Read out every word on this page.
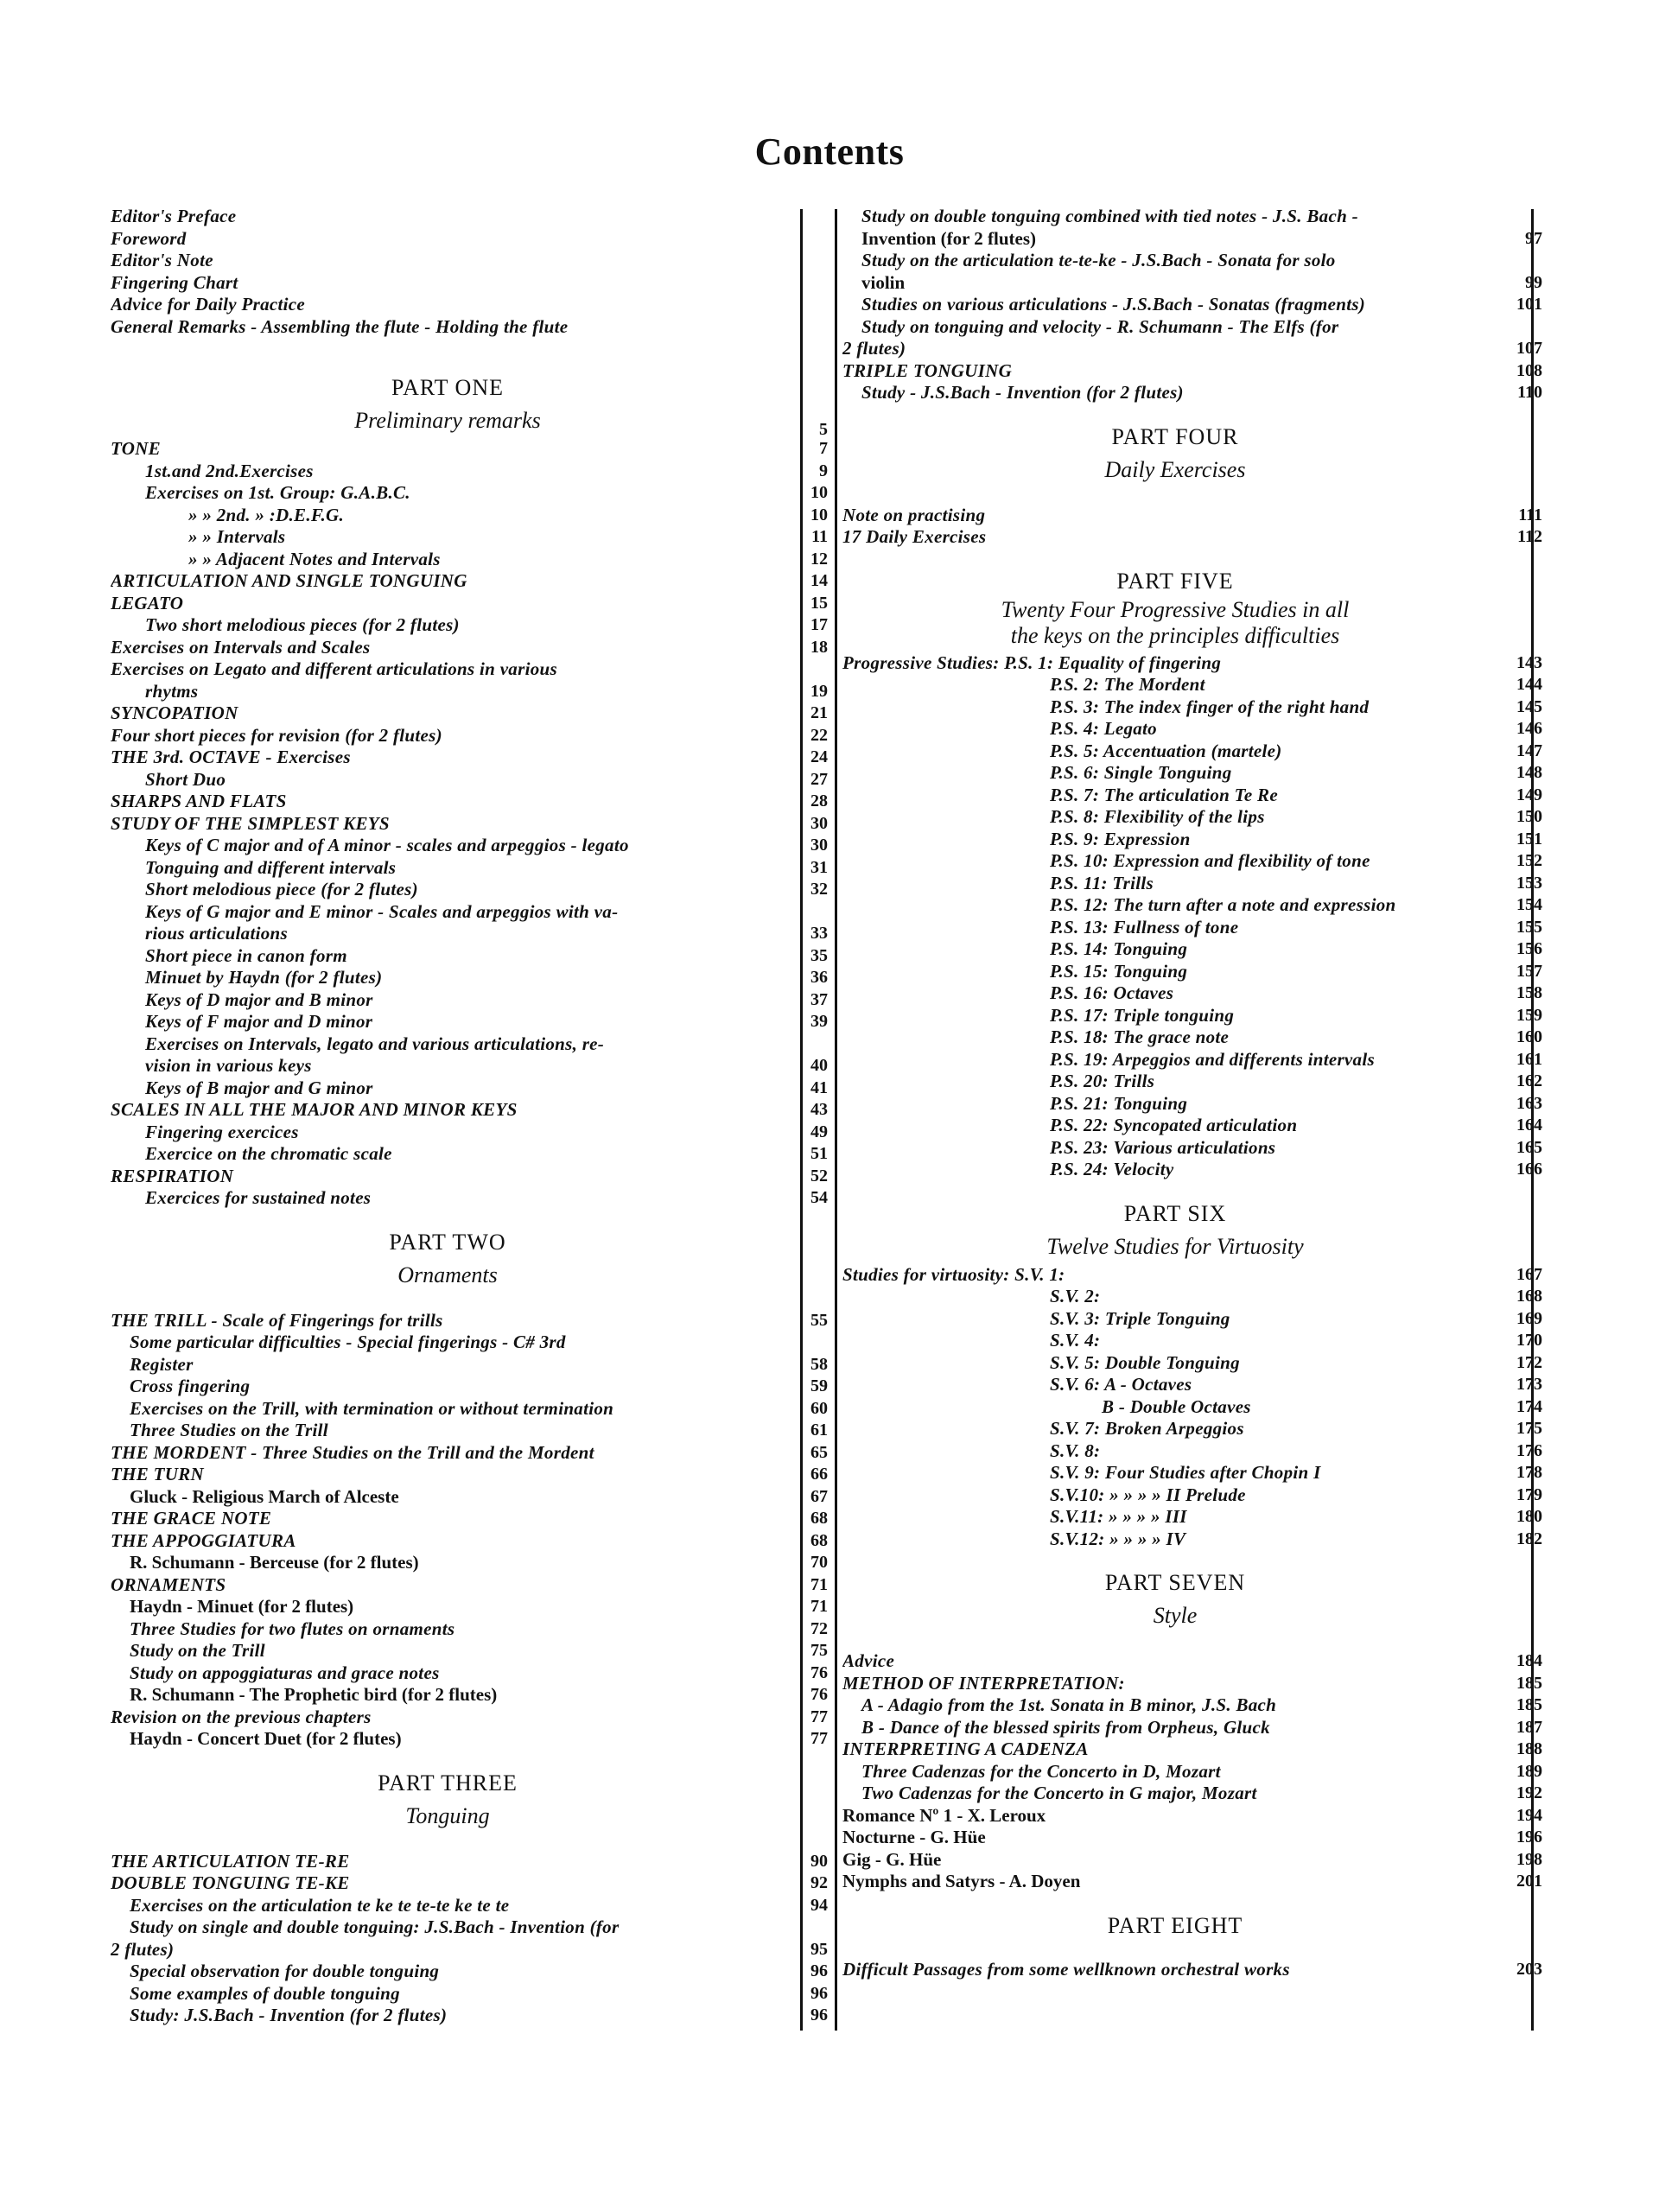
Contents
Editor's Preface
Foreword
Editor's Note
Fingering Chart
Advice for Daily Practice
General Remarks - Assembling the flute - Holding the flute
PART ONE
Preliminary remarks	5
TONE	7
1st.and 2nd.Exercises	9
Exercises on 1st. Group: G.A.B.C.	10
» » 2nd. » :D.E.F.G.	10
» » Intervals	11
» » Adjacent Notes and Intervals	12
ARTICULATION AND SINGLE TONGUING	14
LEGATO	15
Two short melodious pieces (for 2 flutes)	17
Exercises on Intervals and Scales	18
Exercises on Legato and different articulations in various
rhytms	19
SYNCOPATION	21
Four short pieces for revision (for 2 flutes)	22
THE 3rd. OCTAVE - Exercises	24
Short Duo	27
SHARPS AND FLATS	28
STUDY OF THE SIMPLEST KEYS	30
Keys of C major and of A minor - scales and arpeggios - legato	30
Tonguing and different intervals	31
Short melodious piece (for 2 flutes)	32
Keys of G major and E minor - Scales and arpeggios with va-
rious articulations	33
Short piece in canon form	35
Minuet by Haydn (for 2 flutes)	36
Keys of D major and B minor	37
Keys of F major and D minor	39
Exercises on Intervals, legato and various articulations, re-
vision in various keys	40
Keys of B major and G minor	41
SCALES IN ALL THE MAJOR AND MINOR KEYS	43
Fingering exercices	49
Exercice on the chromatic scale	51
RESPIRATION	52
Exercices for sustained notes	54
PART TWO
Ornaments
THE TRILL - Scale of Fingerings for trills	55
Some particular difficulties - Special fingerings - C# 3rd
Register	58
Cross fingering	59
Exercises on the Trill, with termination or without termination	60
Three Studies on the Trill	61
THE MORDENT - Three Studies on the Trill and the Mordent	65
THE TURN	66
Gluck - Religious March of Alceste	67
THE GRACE NOTE	68
THE APPOGGIATURA	68
R. Schumann - Berceuse (for 2 flutes)	70
ORNAMENTS	71
Haydn - Minuet (for 2 flutes)	71
Three Studies for two flutes on ornaments	72
Study on the Trill	75
Study on appoggiaturas and grace notes	76
R. Schumann - The Prophetic bird (for 2 flutes)	76
Revision on the previous chapters	77
Haydn - Concert Duet (for 2 flutes)	77
PART THREE
Tonguing
THE ARTICULATION TE-RE	90
DOUBLE TONGUING TE-KE	92
Exercises on the articulation te ke te te-te ke te te	94
Study on single and double tonguing: J.S.Bach - Invention (for
2 flutes)	95
Special observation for double tonguing	96
Some examples of double tonguing	96
Study: J.S.Bach - Invention (for 2 flutes)	96
Study on double tonguing combined with tied notes - J.S. Bach -
Invention (for 2 flutes)	97
Study on the articulation te-te-ke - J.S.Bach - Sonata for solo
violin	99
Studies on various articulations - J.S.Bach - Sonatas (fragments)	101
Study on tonguing and velocity - R. Schumann - The Elfs (for
2 flutes)	107
TRIPLE TONGUING	108
Study - J.S.Bach - Invention (for 2 flutes)	110
PART FOUR
Daily Exercises
Note on practising	111
17 Daily Exercises	112
PART FIVE
Twenty Four Progressive Studies in all
the keys on the principles difficulties
Progressive Studies: P.S. 1: Equality of fingering	143
P.S. 2: The Mordent	144
P.S. 3: The index finger of the right hand	145
P.S. 4: Legato	146
P.S. 5: Accentuation (martele)	147
P.S. 6: Single Tonguing	148
P.S. 7: The articulation Te Re	149
P.S. 8: Flexibility of the lips	150
P.S. 9: Expression	151
P.S. 10: Expression and flexibility of tone	152
P.S. 11: Trills	153
P.S. 12: The turn after a note and expression	154
P.S. 13: Fullness of tone	155
P.S. 14: Tonguing	156
P.S. 15: Tonguing	157
P.S. 16: Octaves	158
P.S. 17: Triple tonguing	159
P.S. 18: The grace note	160
P.S. 19: Arpeggios and differents intervals	161
P.S. 20: Trills	162
P.S. 21: Tonguing	163
P.S. 22: Syncopated articulation	164
P.S. 23: Various articulations	165
P.S. 24: Velocity	166
PART SIX
Twelve Studies for Virtuosity
Studies for virtuosity: S.V. 1:	167
S.V. 2:	168
S.V. 3: Triple Tonguing	169
S.V. 4:	170
S.V. 5: Double Tonguing	172
S.V. 6: A - Octaves	173
B - Double Octaves	174
S.V. 7: Broken Arpeggios	175
S.V. 8:	176
S.V. 9: Four Studies after Chopin I	178
S.V.10: » » » » II Prelude	179
S.V.11: » » » » III	180
S.V.12: » » » » IV	182
PART SEVEN
Style
Advice	184
METHOD OF INTERPRETATION:	185
A - Adagio from the 1st. Sonata in B minor, J.S. Bach	185
B - Dance of the blessed spirits from Orpheus, Gluck	187
INTERPRETING A CADENZA	188
Three Cadenzas for the Concerto in D, Mozart	189
Two Cadenzas for the Concerto in G major, Mozart	192
Romance Nº 1 - X. Leroux	194
Nocturne - G. Hüe	196
Gig - G. Hüe	198
Nymphs and Satyrs - A. Doyen	201
PART EIGHT
Difficult Passages from some wellknown orchestral works	203
